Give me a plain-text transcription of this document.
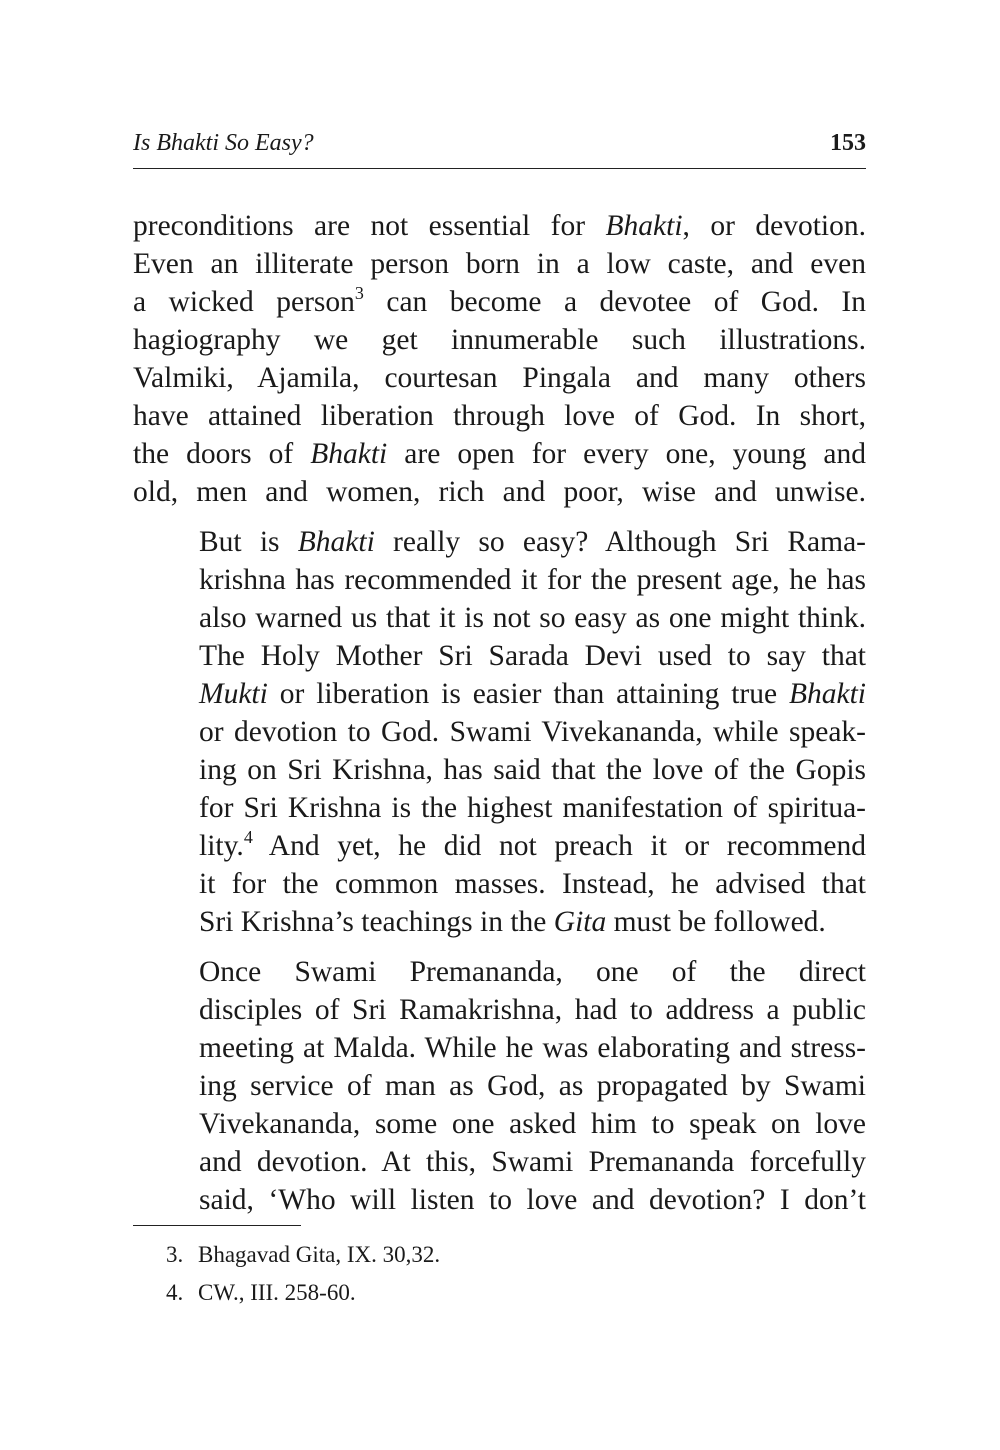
Is Bhakti So Easy?	153

preconditions are not essential for Bhakti, or devotion.
Even an illiterate person born in a low caste, and even
a wicked person$^3$ can become a devotee of God. In
hagiography we get innumerable such illustrations.
Valmiki, Ajamila, courtesan Pingala and many others
have attained liberation through love of God. In short,
the doors of Bhakti are open for every one, young and
old, men and women, rich and poor, wise and unwise.

But is Bhakti really so easy? Although Sri Rama-
krishna has recommended it for the present age, he has
also warned us that it is not so easy as one might think.
The Holy Mother Sri Sarada Devi used to say that
Mukti or liberation is easier than attaining true Bhakti
or devotion to God. Swami Vivekananda, while speak-
ing on Sri Krishna, has said that the love of the Gopis
for Sri Krishna is the highest manifestation of spiritua-
lity.$^4$ And yet, he did not preach it or recommend
it for the common masses. Instead, he advised that
Sri Krishna’s teachings in the Gita must be followed.

Once Swami Premananda, one of the direct
disciples of Sri Ramakrishna, had to address a public
meeting at Malda. While he was elaborating and stress-
ing service of man as God, as propagated by Swami
Vivekananda, some one asked him to speak on love
and devotion. At this, Swami Premananda forcefully
said, ‘Who will listen to love and devotion? I don’t

3. Bhagavad Gita, IX. 30,32.
4. CW., III. 258-60.
